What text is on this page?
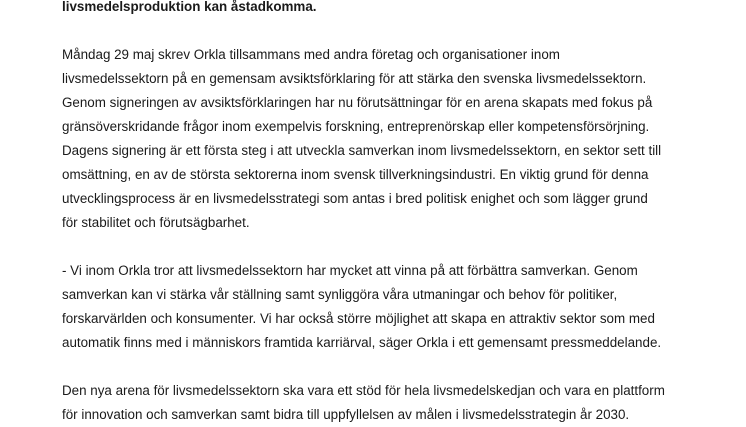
livsmedelsproduktion kan åstadkomma.

Måndag 29 maj skrev Orkla tillsammans med andra företag och organisationer inom

livsmedelssektorn på en gemensam avsiktsförklaring för att stärka den svenska livsmedelssektorn.

Genom signeringen av avsiktsförklaringen har nu förutsättningar för en arena skapats med fokus på

gränsöverskridande frågor inom exempelvis forskning, entreprenörskap eller kompetensförsörjning.

Dagens signering är ett första steg i att utveckla samverkan inom livsmedelssektorn, en sektor sett till

omsättning, en av de största sektorerna inom svensk tillverkningsindustri. En viktig grund för denna

utvecklingsprocess är en livsmedelsstrategi som antas i bred politisk enighet och som lägger grund

för stabilitet och förutsägbarhet.

- Vi inom Orkla tror att livsmedelssektorn har mycket att vinna på att förbättra samverkan. Genom

samverkan kan vi stärka vår ställning samt synliggöra våra utmaningar och behov för politiker,

forskarvärlden och konsumenter. Vi har också större möjlighet att skapa en attraktiv sektor som med

automatik finns med i människors framtida karriärval, säger Orkla i ett gemensamt pressmeddelande.

Den nya arena för livsmedelssektorn ska vara ett stöd för hela livsmedelskedjan och vara en plattform

för innovation och samverkan samt bidra till uppfyllelsen av målen i livsmedelsstrategin år 2030.
